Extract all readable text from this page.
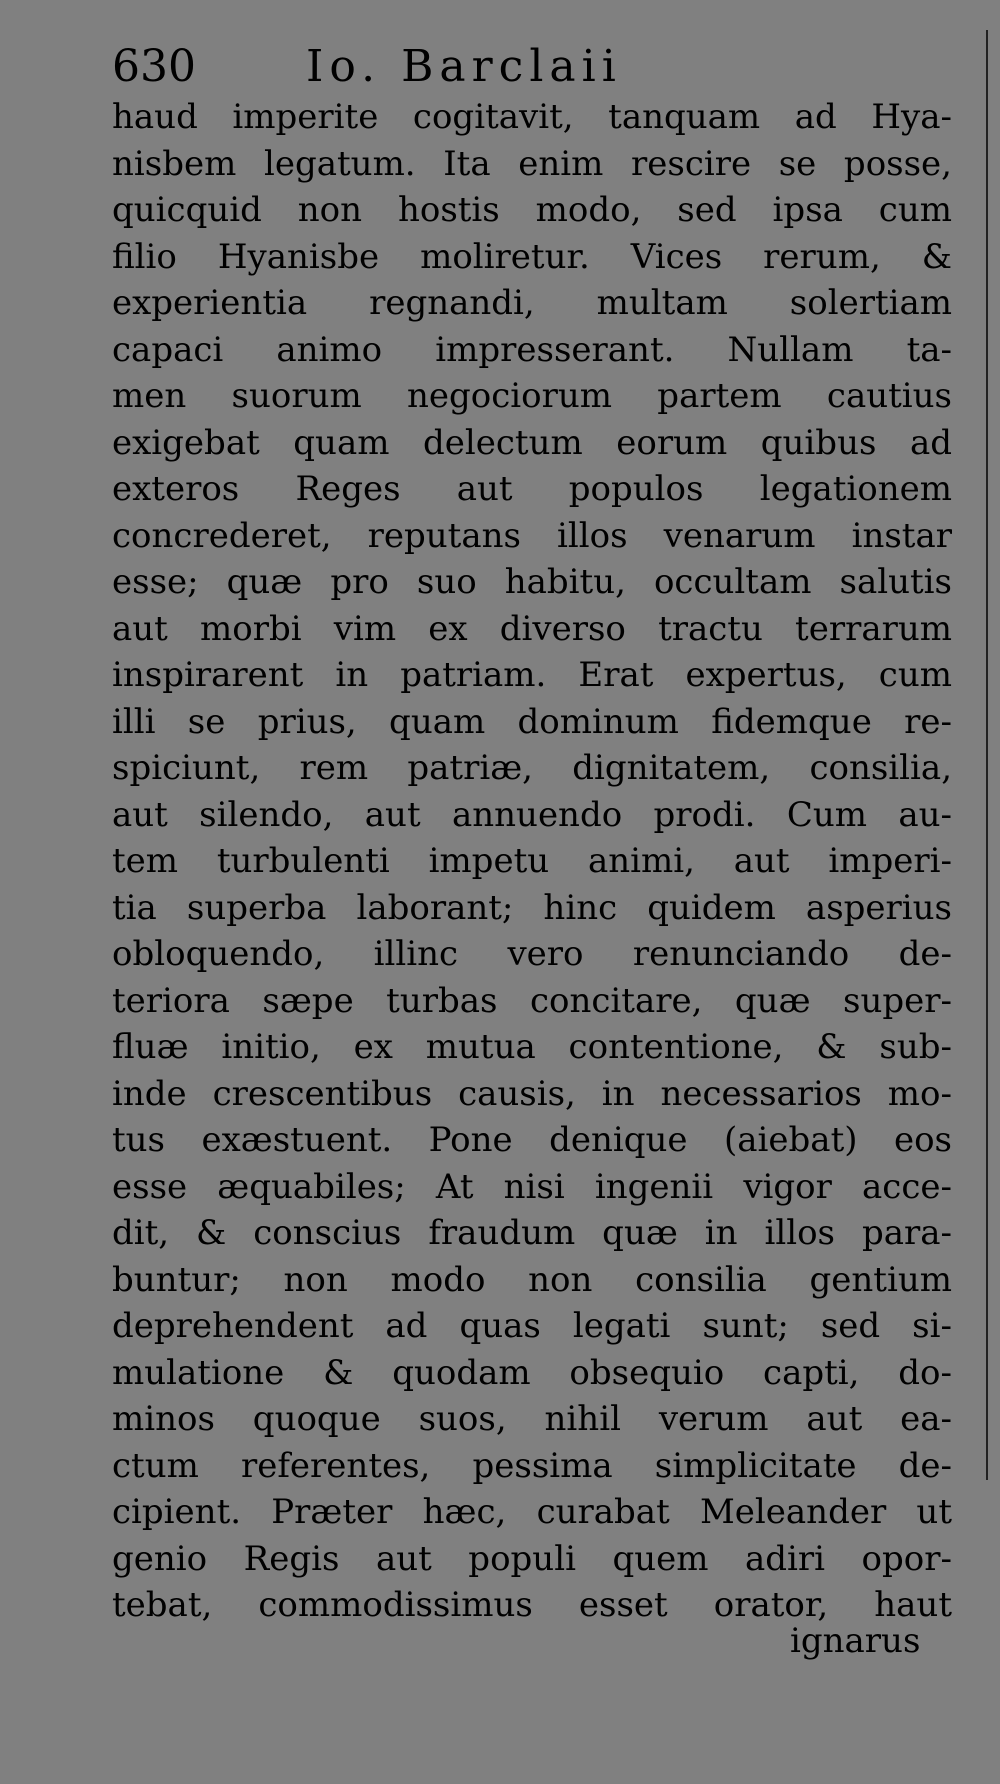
630	Io. Barclaii
haud imperite cogitavit, tanquam ad Hya-
nisbem legatum. Ita enim rescire se posse,
quicquid non hostis modo, sed ipsa cum
filio Hyanisbe moliretur. Vices rerum, &
experientia regnandi, multam solertiam
capaci animo impresserant. Nullam ta-
men suorum negociorum partem cautius
exigebat quam delectum eorum quibus ad
exteros Reges aut populos legationem
concrederet, reputans illos venarum instar
esse; quæ pro suo habitu, occultam salutis
aut morbi vim ex diverso tractu terrarum
inspirarent in patriam. Erat expertus, cum
illi se prius, quam dominum fidemque re-
spiciunt, rem patriæ, dignitatem, consilia,
aut silendo, aut annuendo prodi. Cum au-
tem turbulenti impetu animi, aut imperi-
tia superba laborant; hinc quidem asperius
obloquendo, illinc vero renunciando de-
teriora sæpe turbas concitare, quæ super-
fluæ initio, ex mutua contentione, & sub-
inde crescentibus causis, in necessarios mo-
tus exæstuent. Pone denique (aiebat) eos
esse æquabiles; At nisi ingenii vigor acce-
dit, & conscius fraudum quæ in illos para-
buntur; non modo non consilia gentium
deprehendent ad quas legati sunt; sed si-
mulatione & quodam obsequio capti, do-
minos quoque suos, nihil verum aut ea-
ctum referentes, pessima simplicitate de-
cipient. Præter hæc, curabat Meleander ut
genio Regis aut populi quem adiri opor-
tebat, commodissimus esset orator, haut
ignarus
